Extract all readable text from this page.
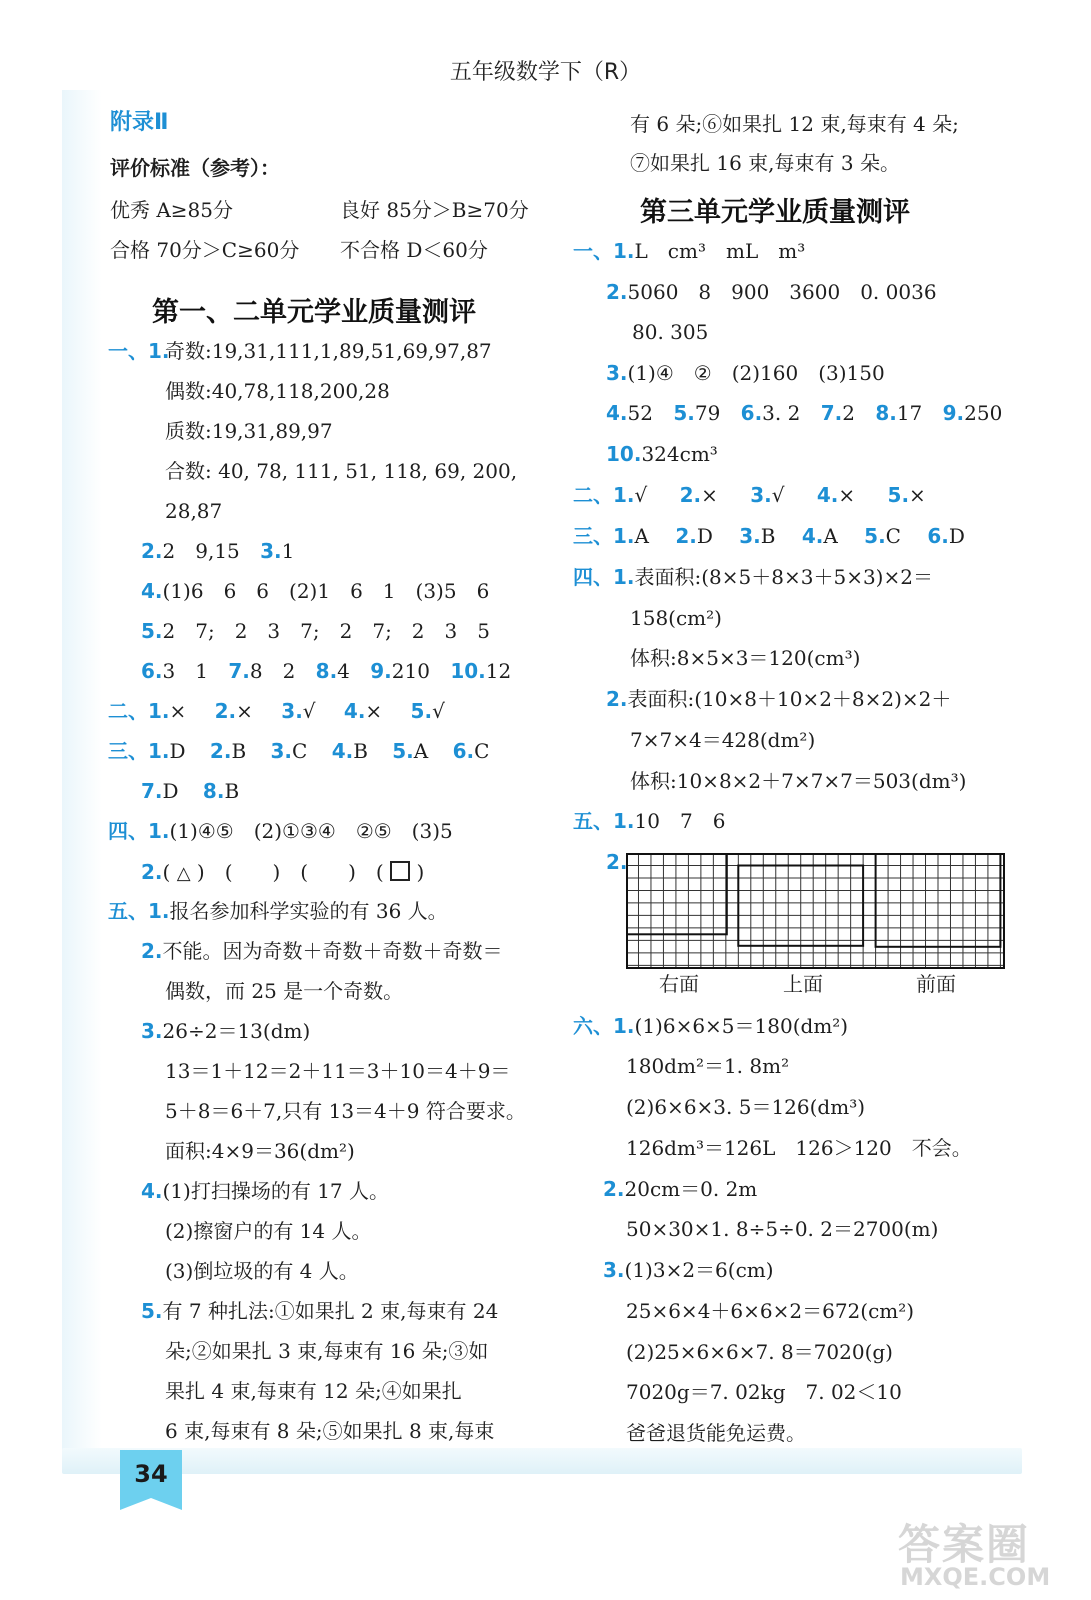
五年级数学下（R）
附录Ⅱ
评价标准（参考）：
优秀 A≥85分	良好 85分＞B≥70分
合格 70分＞C≥60分 不合格 D＜60分
第一、二单元学业质量测评
一、1.
奇数:19,31,111,1,89,51,69,97,87
偶数:40,78,118,200,28
质数:19,31,89,97
合数: 40, 78, 111, 51, 118, 69, 200,
28,87
2.2　9,15 3.1
4.(1)6　6　6　(2)1　6　1　(3)5　6
5.2　7;　2　3　7;　2　7;　2　3　5
6.3　1 7.8　2 8.4 9.210 10.12
二、1.× 2.× 3.√ 4.× 5.√
三、1.D 2.B 3.C 4.B 5.A 6.C
7.D 8.B
四、1.(1)④⑤　(2)①③④　②⑤　(3)5
2.( △ )　(　　)　(　　)　( )
五、1.报名参加科学实验的有 36 人。
2.不能。因为奇数＋奇数＋奇数＋奇数＝
偶数，而 25 是一个奇数。
3.26÷2＝13(dm)
13＝1＋12＝2＋11＝3＋10＝4＋9＝
5＋8＝6＋7,只有 13＝4＋9 符合要求。
面积:4×9＝36(dm²)
4.(1)打扫操场的有 17 人。
(2)擦窗户的有 14 人。
(3)倒垃圾的有 4 人。
5.有 7 种扎法:①如果扎 2 束,每束有 24
朵;②如果扎 3 束,每束有 16 朵;③如
果扎 4 束,每束有 12 朵;④如果扎
6 束,每束有 8 朵;⑤如果扎 8 束,每束
有 6 朵;⑥如果扎 12 束,每束有 4 朵;
⑦如果扎 16 束,每束有 3 朵。
第三单元学业质量测评
一、1.L　cm³　mL　m³
2.5060　8　900　3600　0. 0036
80. 305
3.(1)④　②　(2)160　(3)150
4.52 5.79 6.3. 2 7.2 8.17 9.250
10.324cm³
二、1.√ 2.× 3.√ 4.× 5.×
三、1.A 2.D 3.B 4.A 5.C 6.D
四、1.表面积:(8×5＋8×3＋5×3)×2＝
158(cm²)
体积:8×5×3＝120(cm³)
2.表面积:(10×8＋10×2＋8×2)×2＋
7×7×4＝428(dm²)
体积:10×8×2＋7×7×7＝503(dm³)
五、1.10　7　6
2.
右面	上面	前面
六、1.(1)6×6×5＝180(dm²)
180dm²＝1. 8m²
(2)6×6×3. 5＝126(dm³)
126dm³＝126L　126＞120　不会。
2.20cm＝0. 2m
50×30×1. 8÷5÷0. 2＝2700(m)
3.(1)3×2＝6(cm)
25×6×4＋6×6×2＝672(cm²)
(2)25×6×6×7. 8＝7020(g)
7020g＝7. 02kg　7. 02＜10
爸爸退货能免运费。
34
答案圈
MXQE.COM
